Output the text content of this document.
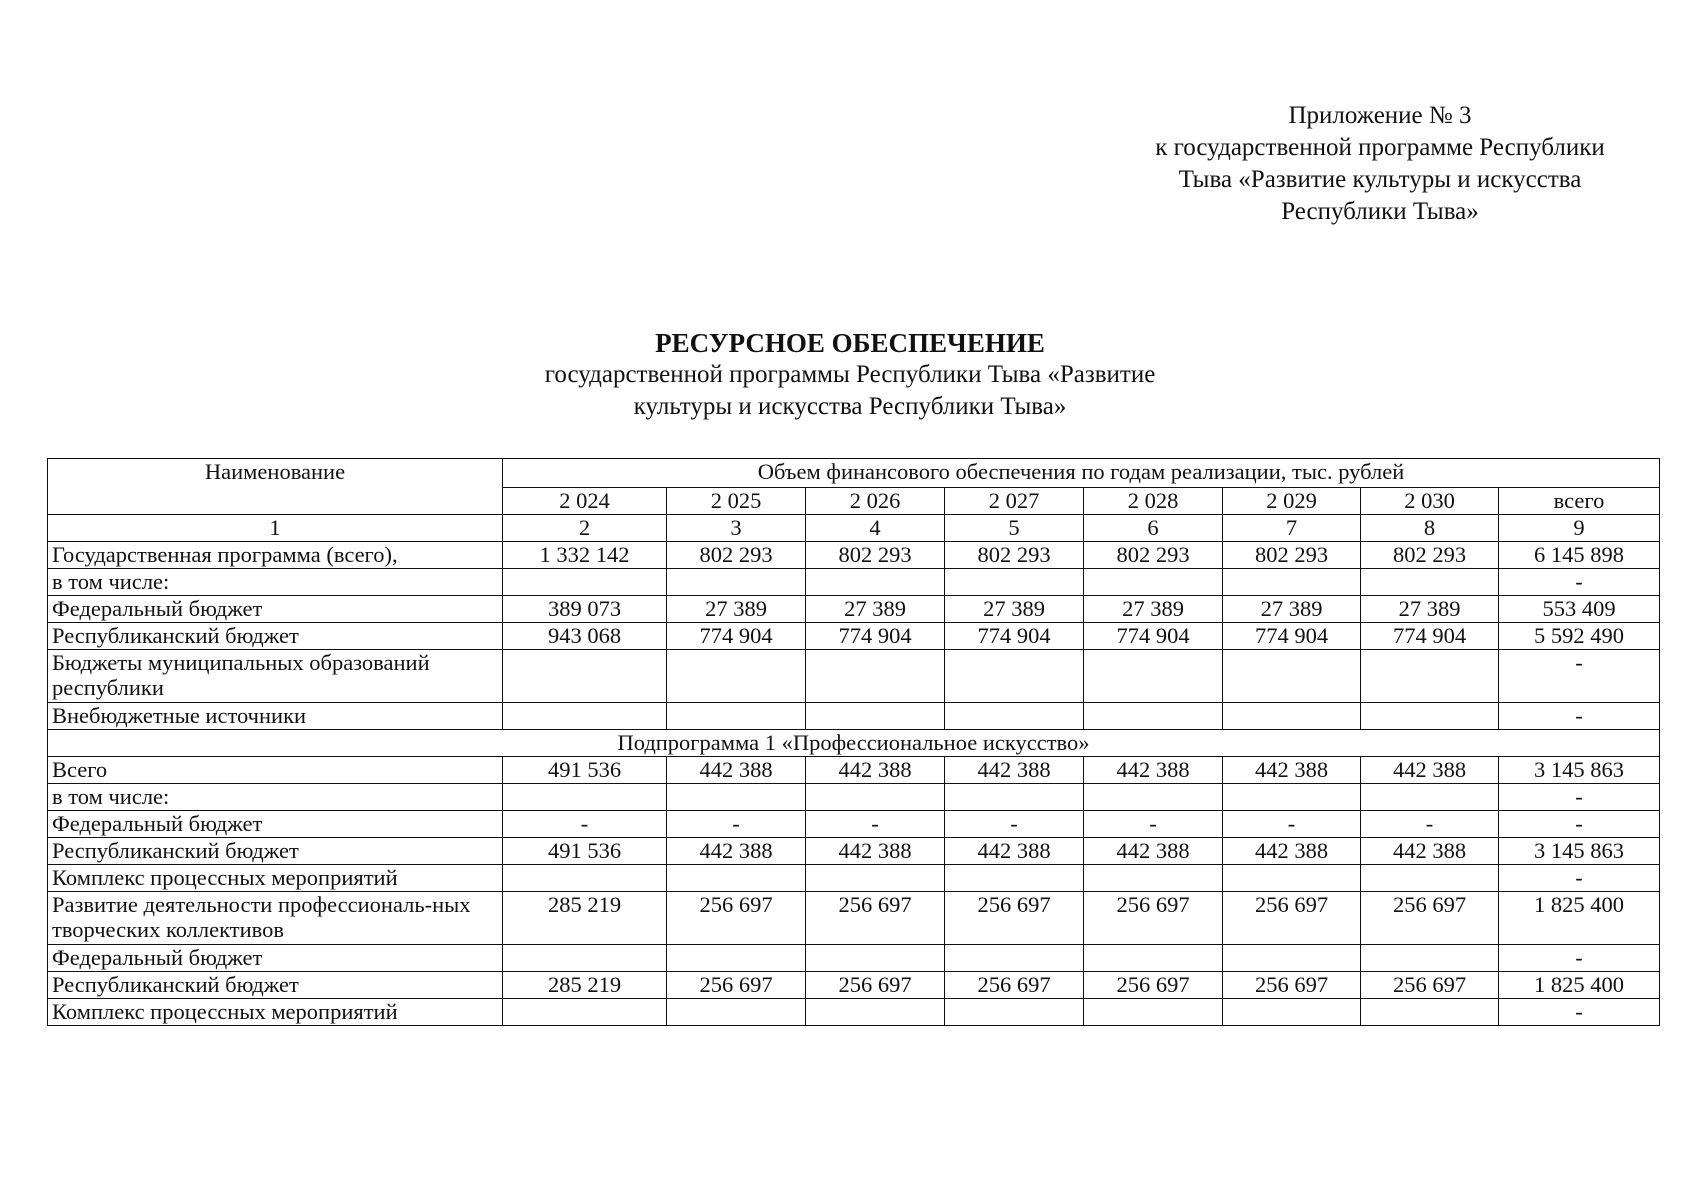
Приложение № 3
к государственной программе Республики
Тыва «Развитие культуры и искусства
Республики Тыва»
РЕСУРСНОЕ ОБЕСПЕЧЕНИЕ
государственной программы Республики Тыва «Развитие
культуры и искусства Республики Тыва»
Наименование	Объем финансового обеспечения по годам реализации, тыс. рублей							
	2 024	2 025	2 026	2 027	2 028	2 029	2 030	всего
1	2	3	4	5	6	7	8	9
Государственная программа (всего),	1 332 142	802 293	802 293	802 293	802 293	802 293	802 293	6 145 898
в том числе:								-
Федеральный бюджет	389 073	27 389	27 389	27 389	27 389	27 389	27 389	553 409
Республиканский бюджет	943 068	774 904	774 904	774 904	774 904	774 904	774 904	5 592 490
Бюджеты муниципальных образований республики								-
Внебюджетные источники								-
Подпрограмма 1 «Профессиональное искусство»								
Всего	491 536	442 388	442 388	442 388	442 388	442 388	442 388	3 145 863
в том числе:								-
Федеральный бюджет	-	-	-	-	-	-	-	-
Республиканский бюджет	491 536	442 388	442 388	442 388	442 388	442 388	442 388	3 145 863
Комплекс процессных мероприятий								-
Развитие деятельности профессиональ-ных творческих коллективов	285 219	256 697	256 697	256 697	256 697	256 697	256 697	1 825 400
Федеральный бюджет								-
Республиканский бюджет	285 219	256 697	256 697	256 697	256 697	256 697	256 697	1 825 400
Комплекс процессных мероприятий								-
